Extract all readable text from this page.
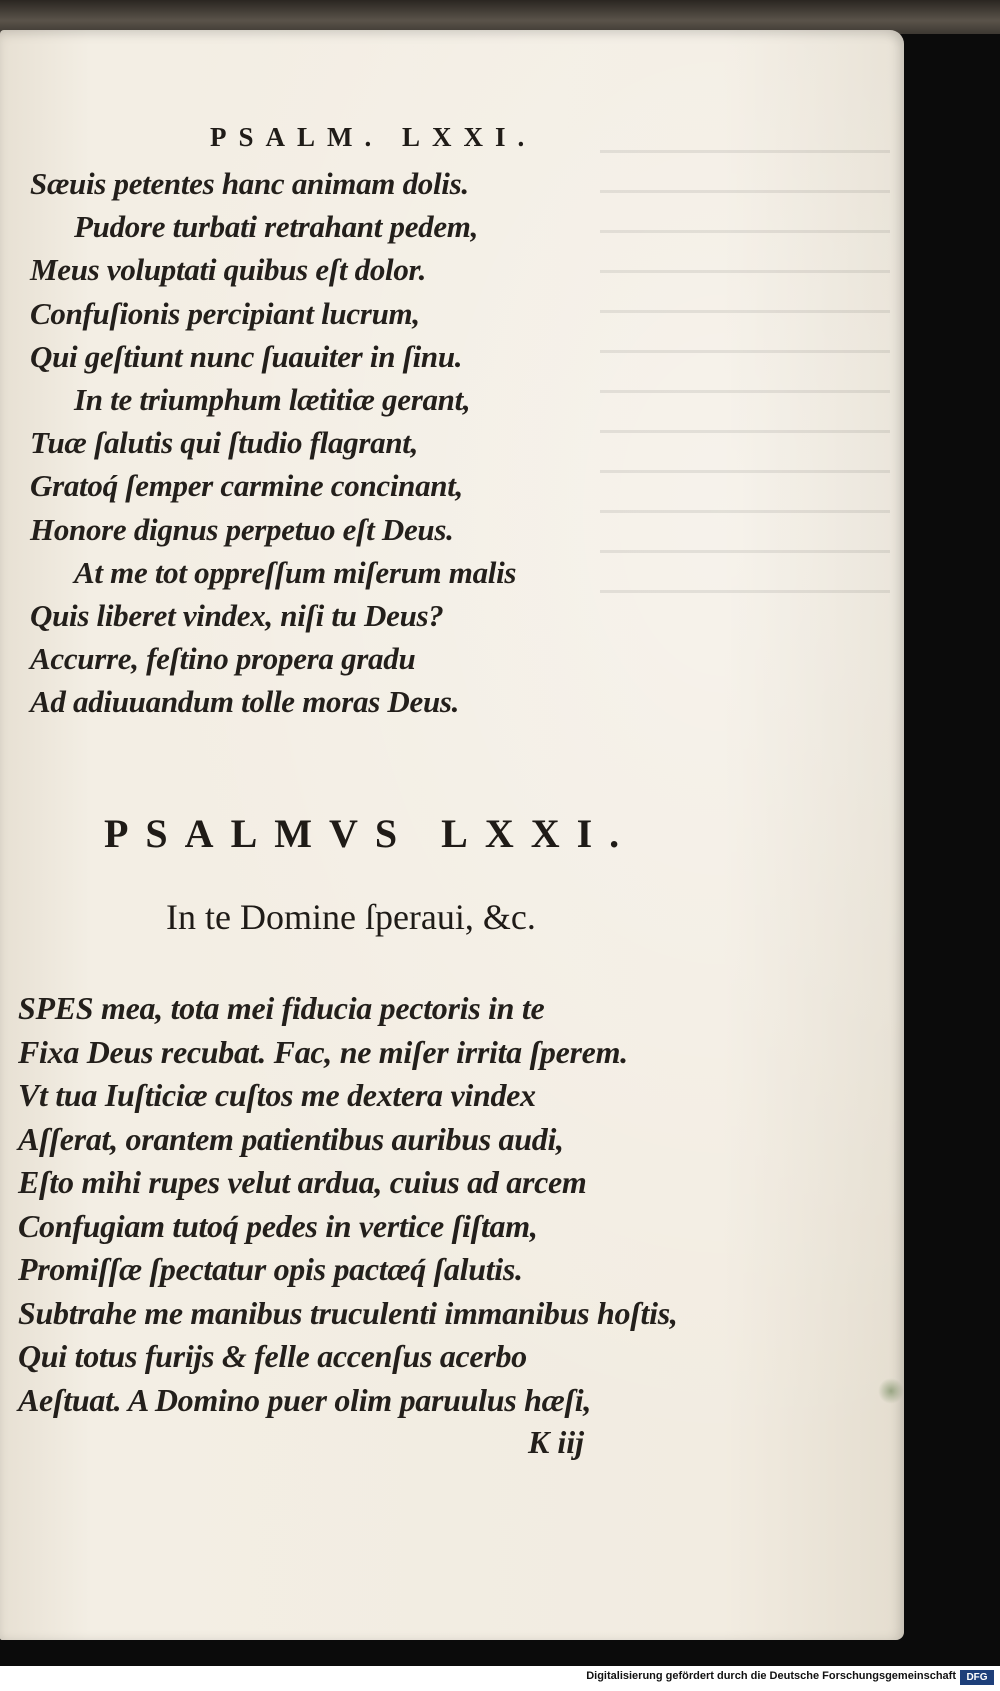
PSALM. LXXI.
Sæuis petentes hanc animam dolis.
Pudore turbati retrahant pedem,
Meus voluptati quibus eſt dolor.
Confuſionis percipiant lucrum,
Qui geſtiunt nunc ſuauiter in ſinu.
In te triumphum lætitiæ gerant,
Tuæ ſalutis qui ſtudio flagrant,
Gratoq́ ſemper carmine concinant,
Honore dignus perpetuo eſt Deus.
At me tot oppreſſum miſerum malis
Quis liberet vindex, niſi tu Deus?
Accurre, feſtino propera gradu
Ad adiuuandum tolle moras Deus.
PSALMVS LXXI.
In te Domine ſperaui, &c.
SPES mea, tota mei fiducia pectoris in te
Fixa Deus recubat. Fac, ne miſer irrita ſperem.
Vt tua Iuſticiæ cuſtos me dextera vindex
Aſſerat, orantem patientibus auribus audi,
Eſto mihi rupes velut ardua, cuius ad arcem
Confugiam tutoq́ pedes in vertice ſiſtam,
Promiſſæ ſpectatur opis pactæq́ ſalutis.
Subtrahe me manibus truculenti immanibus hoſtis,
Qui totus furijs & felle accenſus acerbo
Aeſtuat. A Domino puer olim paruulus hæſi,
K iij
Digitalisierung gefördert durch die Deutsche Forschungsgemeinschaft	DFG
